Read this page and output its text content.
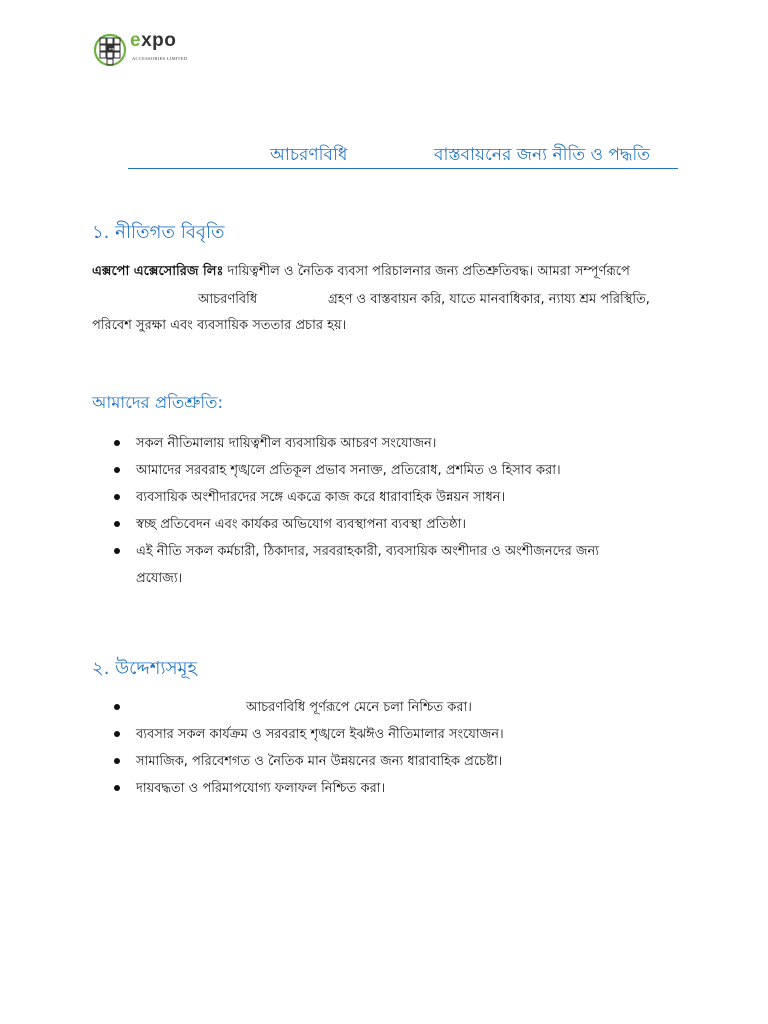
expo expo
ACCESSORIES LIMITED
আচরণবিধি	বাস্তবায়নের জন্য নীতি ও পদ্ধতি
১. নীতিগত বিবৃতি
এক্সপো এক্সেসোরিজ লিঃ দায়িত্বশীল ও নৈতিক ব্যবসা পরিচালনার জন্য প্রতিশ্রুতিবদ্ধ। আমরা সম্পূর্ণরূপে
আচরণবিধি	গ্রহণ ও বাস্তবায়ন করি, যাতে মানবাধিকার, ন্যায্য শ্রম পরিস্থিতি,
পরিবেশ সুরক্ষা এবং ব্যবসায়িক সততার প্রচার হয়।
আমাদের প্রতিশ্রুতি:
সকল নীতিমালায় দায়িত্বশীল ব্যবসায়িক আচরণ সংযোজন।
আমাদের সরবরাহ শৃঙ্খলে প্রতিকূল প্রভাব সনাক্ত, প্রতিরোধ, প্রশমিত ও হিসাব করা।
ব্যবসায়িক অংশীদারদের সঙ্গে একত্রে কাজ করে ধারাবাহিক উন্নয়ন সাধন।
স্বচ্ছ প্রতিবেদন এবং কার্যকর অভিযোগ ব্যবস্থাপনা ব্যবস্থা প্রতিষ্ঠা।
এই নীতি সকল কর্মচারী, ঠিকাদার, সরবরাহকারী, ব্যবসায়িক অংশীদার ও অংশীজনদের জন্য
প্রযোজ্য।
২. উদ্দেশ্যসমূহ
আচরণবিধি পূর্ণরূপে মেনে চলা নিশ্চিত করা।
ব্যবসার সকল কার্যক্রম ও সরবরাহ শৃঙ্খলে ইঝঈও নীতিমালার সংযোজন।
সামাজিক, পরিবেশগত ও নৈতিক মান উন্নয়নের জন্য ধারাবাহিক প্রচেষ্টা।
দায়বদ্ধতা ও পরিমাপযোগ্য ফলাফল নিশ্চিত করা।
